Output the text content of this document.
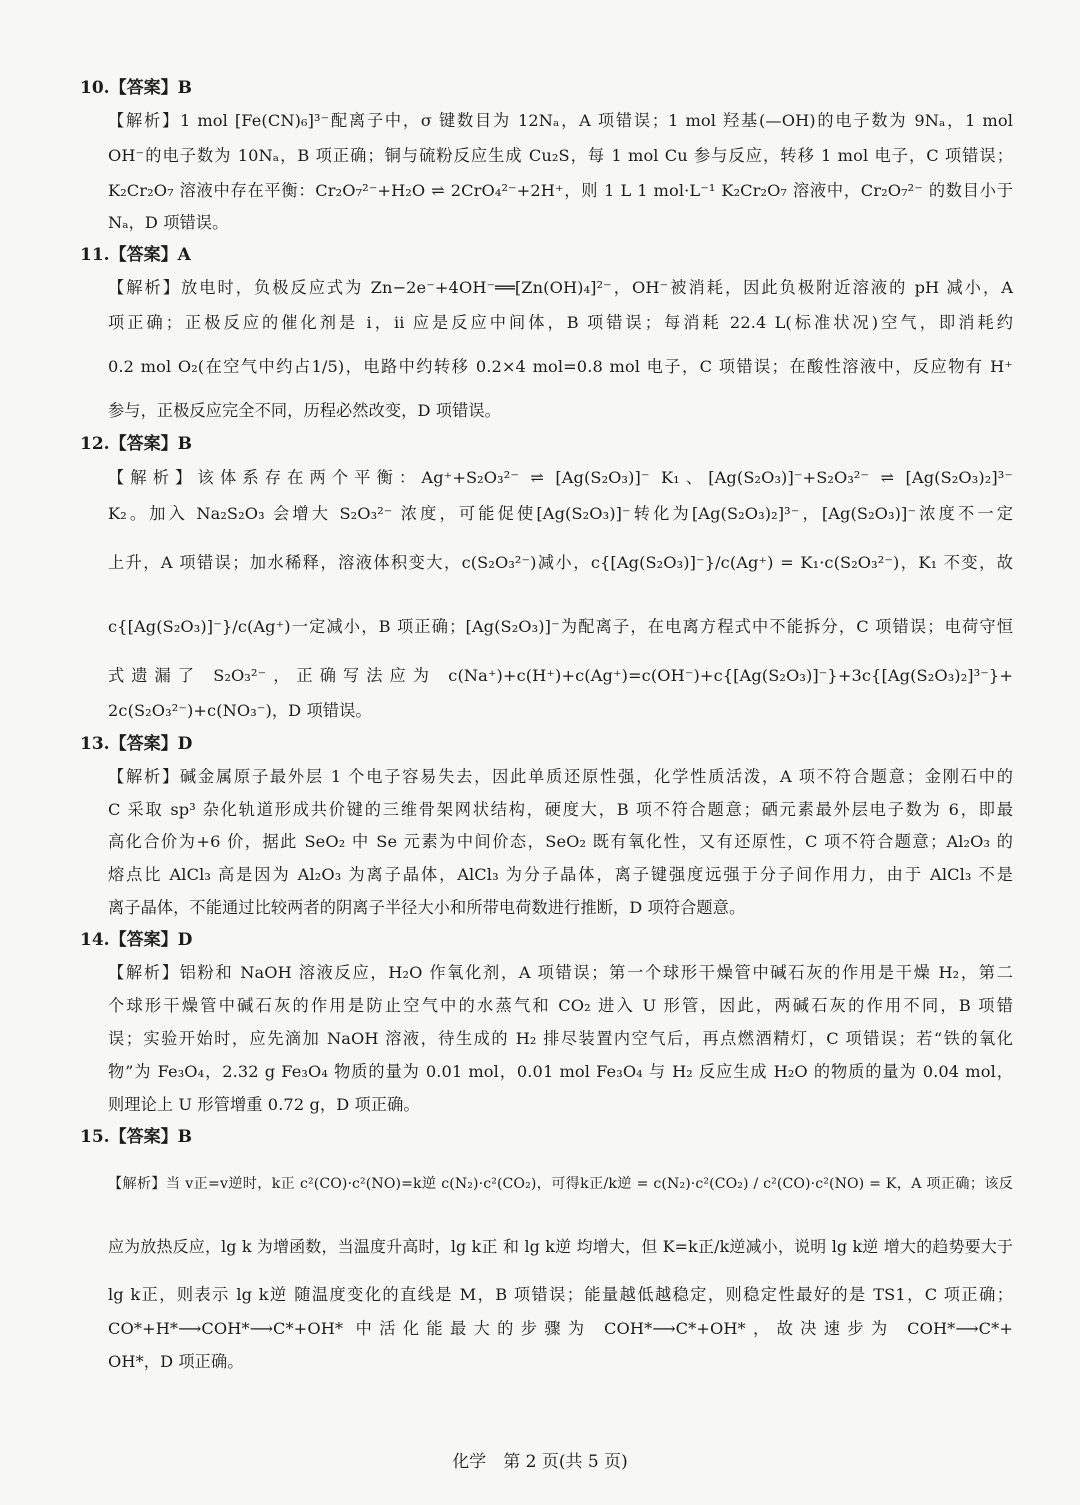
10.【答案】B
【解析】1 mol [Fe(CN)₆]³⁻配离子中，σ 键数目为 12Nₐ，A 项错误；1 mol 羟基(—OH)的电子数为 9Nₐ，1 mol
OH⁻的电子数为 10Nₐ，B 项正确；铜与硫粉反应生成 Cu₂S，每 1 mol Cu 参与反应，转移 1 mol 电子，C 项错误；
K₂Cr₂O₇ 溶液中存在平衡：Cr₂O₇²⁻+H₂O ⇌ 2CrO₄²⁻+2H⁺，则 1 L 1 mol·L⁻¹ K₂Cr₂O₇ 溶液中，Cr₂O₇²⁻ 的数目小于
Nₐ，D 项错误。
11.【答案】A
【解析】放电时，负极反应式为 Zn−2e⁻+4OH⁻══[Zn(OH)₄]²⁻，OH⁻被消耗，因此负极附近溶液的 pH 减小，A
项正确；正极反应的催化剂是 i，ii 应是反应中间体，B 项错误；每消耗 22.4 L(标准状况)空气，即消耗约
0.2 mol O₂(在空气中约占1/5)，电路中约转移 0.2×4 mol=0.8 mol 电子，C 项错误；在酸性溶液中，反应物有 H⁺
参与，正极反应完全不同，历程必然改变，D 项错误。
12.【答案】B
【解析】该体系存在两个平衡：Ag⁺+S₂O₃²⁻ ⇌ [Ag(S₂O₃)]⁻ K₁、[Ag(S₂O₃)]⁻+S₂O₃²⁻ ⇌ [Ag(S₂O₃)₂]³⁻
K₂。加入 Na₂S₂O₃ 会增大 S₂O₃²⁻ 浓度，可能促使[Ag(S₂O₃)]⁻转化为[Ag(S₂O₃)₂]³⁻，[Ag(S₂O₃)]⁻浓度不一定
上升，A 项错误；加水稀释，溶液体积变大，c(S₂O₃²⁻)减小，c{[Ag(S₂O₃)]⁻}/c(Ag⁺) = K₁·c(S₂O₃²⁻)，K₁ 不变，故
c{[Ag(S₂O₃)]⁻}/c(Ag⁺)一定减小，B 项正确；[Ag(S₂O₃)]⁻为配离子，在电离方程式中不能拆分，C 项错误；电荷守恒
式遗漏了 S₂O₃²⁻，正确写法应为 c(Na⁺)+c(H⁺)+c(Ag⁺)=c(OH⁻)+c{[Ag(S₂O₃)]⁻}+3c{[Ag(S₂O₃)₂]³⁻}+
2c(S₂O₃²⁻)+c(NO₃⁻)，D 项错误。
13.【答案】D
【解析】碱金属原子最外层 1 个电子容易失去，因此单质还原性强，化学性质活泼，A 项不符合题意；金刚石中的
C 采取 sp³ 杂化轨道形成共价键的三维骨架网状结构，硬度大，B 项不符合题意；硒元素最外层电子数为 6，即最
高化合价为+6 价，据此 SeO₂ 中 Se 元素为中间价态，SeO₂ 既有氧化性，又有还原性，C 项不符合题意；Al₂O₃ 的
熔点比 AlCl₃ 高是因为 Al₂O₃ 为离子晶体，AlCl₃ 为分子晶体，离子键强度远强于分子间作用力，由于 AlCl₃ 不是
离子晶体，不能通过比较两者的阴离子半径大小和所带电荷数进行推断，D 项符合题意。
14.【答案】D
【解析】铝粉和 NaOH 溶液反应，H₂O 作氧化剂，A 项错误；第一个球形干燥管中碱石灰的作用是干燥 H₂，第二
个球形干燥管中碱石灰的作用是防止空气中的水蒸气和 CO₂ 进入 U 形管，因此，两碱石灰的作用不同，B 项错
误；实验开始时，应先滴加 NaOH 溶液，待生成的 H₂ 排尽装置内空气后，再点燃酒精灯，C 项错误；若“铁的氧化
物”为 Fe₃O₄，2.32 g Fe₃O₄ 物质的量为 0.01 mol，0.01 mol Fe₃O₄ 与 H₂ 反应生成 H₂O 的物质的量为 0.04 mol，
则理论上 U 形管增重 0.72 g，D 项正确。
15.【答案】B
【解析】当 v正=v逆时，k正 c²(CO)·c²(NO)=k逆 c(N₂)·c²(CO₂)，可得k正/k逆 = c(N₂)·c²(CO₂) / c²(CO)·c²(NO) = K，A 项正确；该反
应为放热反应，lg k 为增函数，当温度升高时，lg k正 和 lg k逆 均增大，但 K=k正/k逆减小，说明 lg k逆 增大的趋势要大于
lg k正，则表示 lg k逆 随温度变化的直线是 M，B 项错误；能量越低越稳定，则稳定性最好的是 TS1，C 项正确；
CO*+H*⟶COH*⟶C*+OH* 中活化能最大的步骤为 COH*⟶C*+OH*，故决速步为 COH*⟶C*+
OH*，D 项正确。
化学　第 2 页(共 5 页)
